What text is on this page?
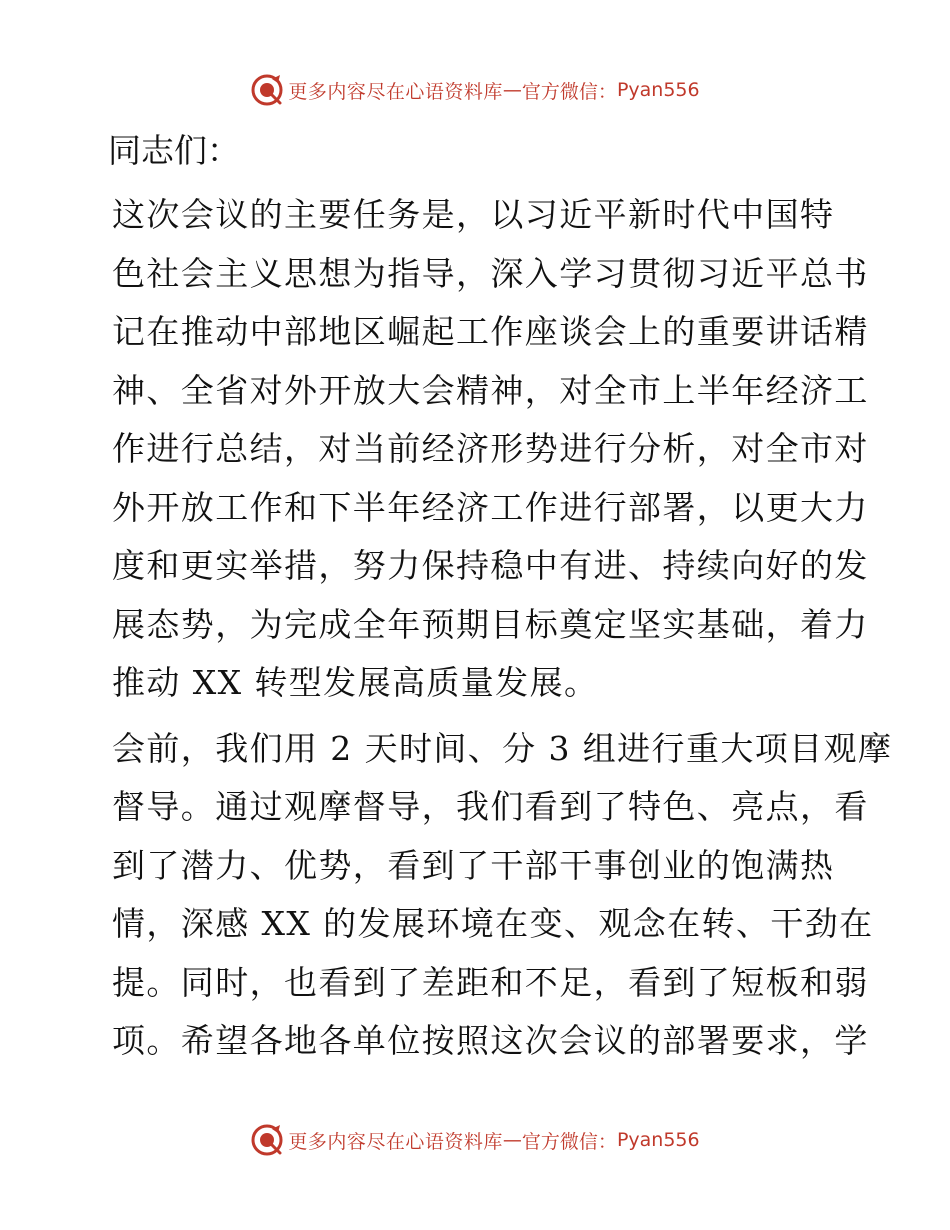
更多内容尽在心语资料库 — 官方微信： Pyan556
同志们：
这次会议的主要任务是，以习近平新时代中国特
色社会主义思想为指导，深入学习贯彻习近平总书
记在推动中部地区崛起工作座谈会上的重要讲话精
神、全省对外开放大会精神，对全市上半年经济工
作进行总结，对当前经济形势进行分析，对全市对
外开放工作和下半年经济工作进行部署，以更大力
度和更实举措，努力保持稳中有进、持续向好的发
展态势，为完成全年预期目标奠定坚实基础，着力
推动 XX 转型发展高质量发展。
会前，我们用 2 天时间、分 3 组进行重大项目观摩
督导。通过观摩督导，我们看到了特色、亮点，看
到了潜力、优势，看到了干部干事创业的饱满热
情，深感 XX 的发展环境在变、观念在转、干劲在
提。同时，也看到了差距和不足，看到了短板和弱
项。希望各地各单位按照这次会议的部署要求，学
更多内容尽在心语资料库 — 官方微信： Pyan556
